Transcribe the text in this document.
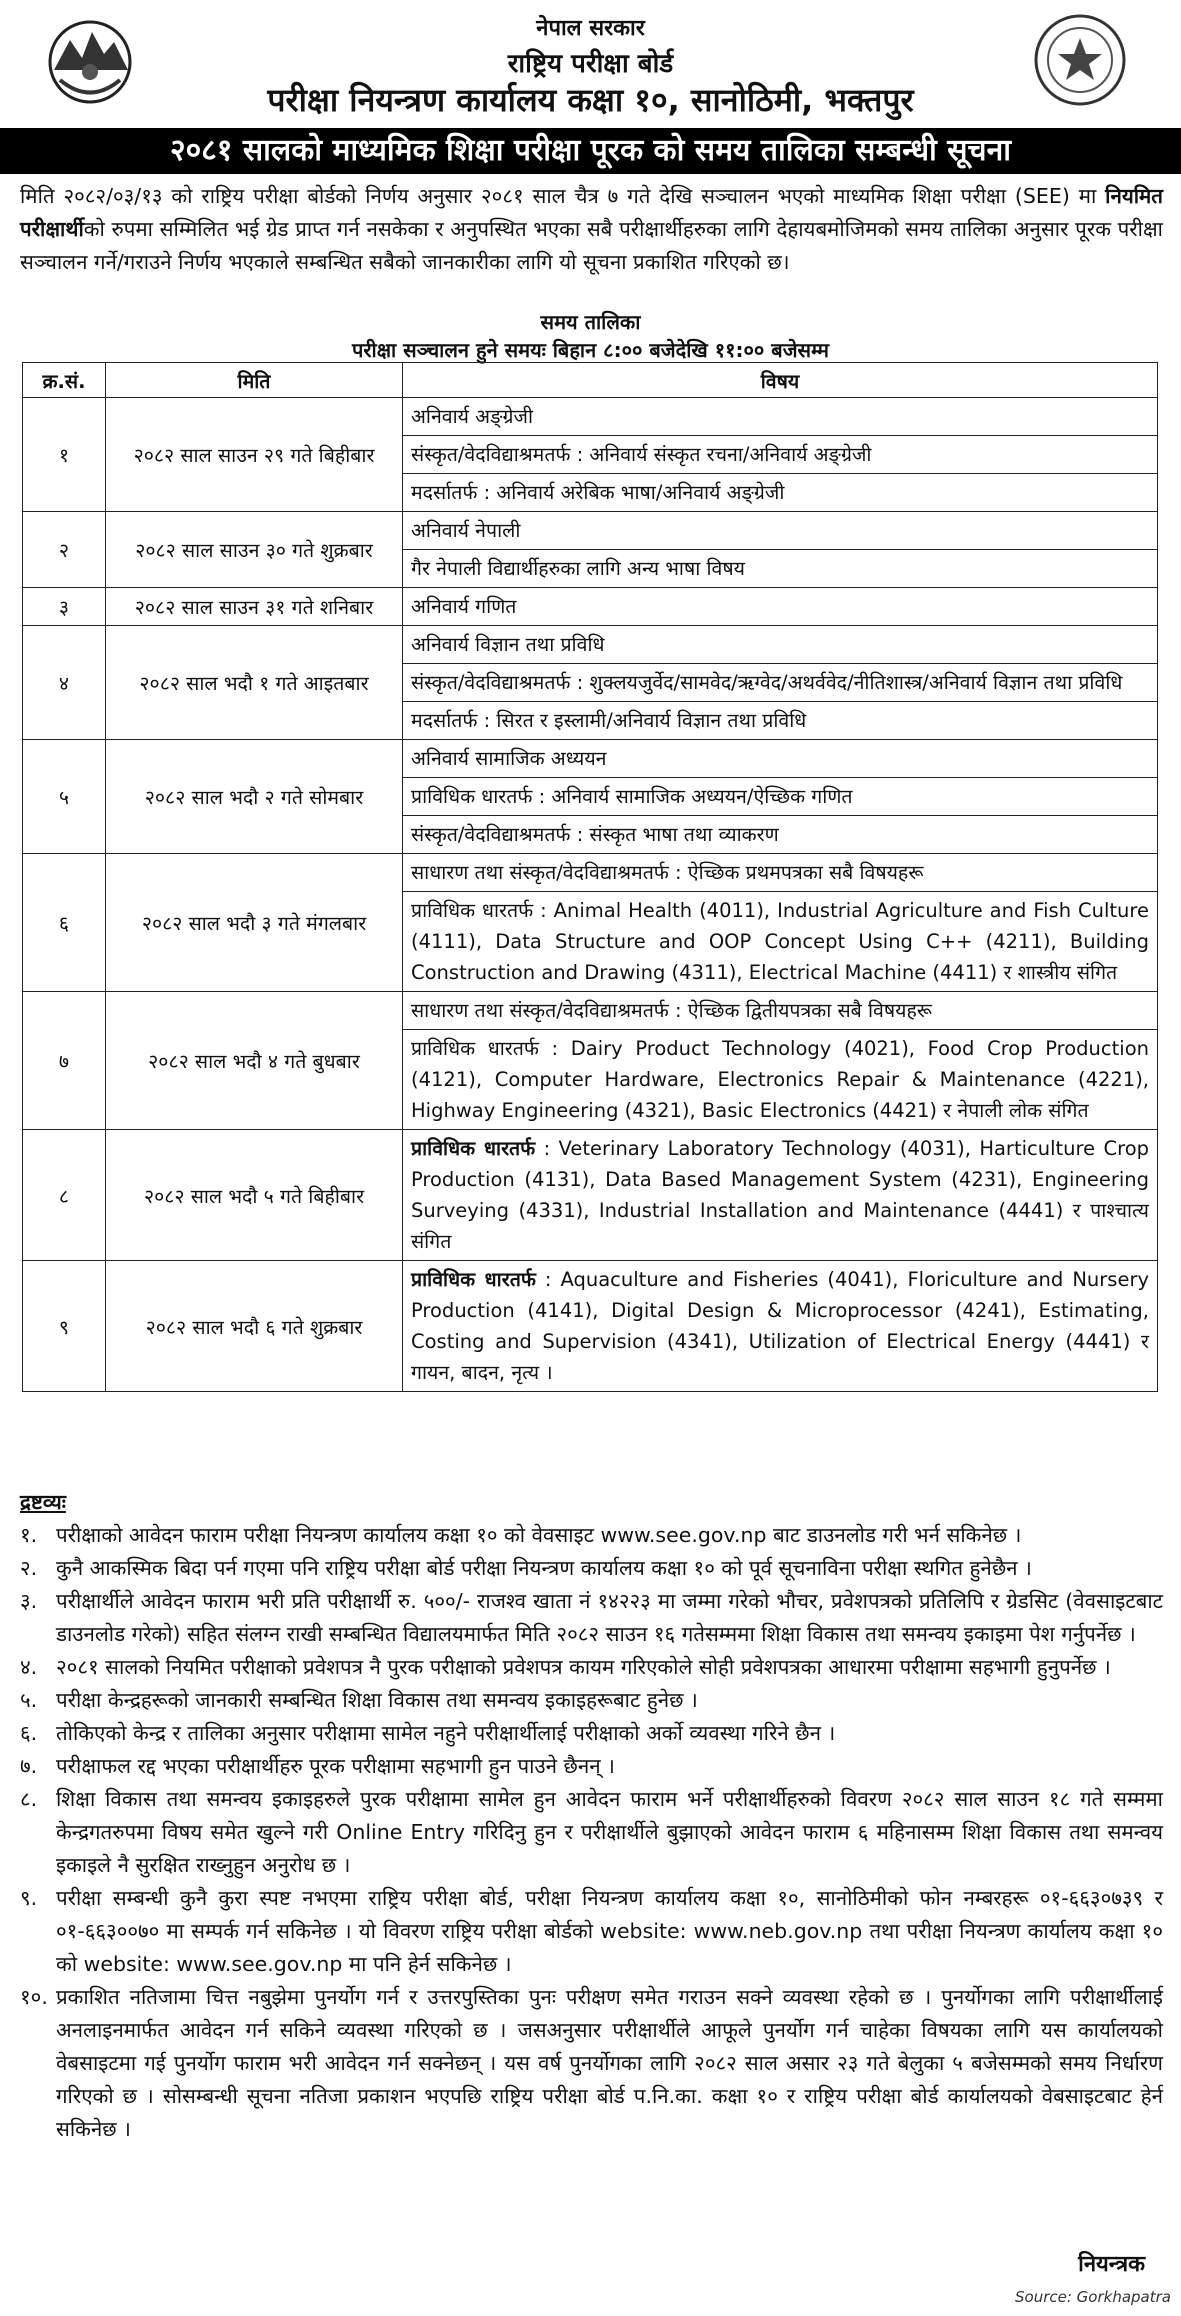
नेपाल सरकार
राष्ट्रिय परीक्षा बोर्ड
परीक्षा नियन्त्रण कार्यालय कक्षा १०, सानोठिमी, भक्तपुर
२०८१ सालको माध्यमिक शिक्षा परीक्षा पूरक को समय तालिका सम्बन्धी सूचना
मिति २०८२/०३/१३ को राष्ट्रिय परीक्षा बोर्डको निर्णय अनुसार २०८१ साल चैत्र ७ गते देखि सञ्चालन भएको माध्यमिक शिक्षा परीक्षा (SEE) मा नियमित परीक्षार्थीको रुपमा सम्मिलित भई ग्रेड प्राप्त गर्न नसकेका र अनुपस्थित भएका सबै परीक्षार्थीहरुका लागि देहायबमोजिमको समय तालिका अनुसार पूरक परीक्षा सञ्चालन गर्ने/गराउने निर्णय भएकाले सम्बन्धित सबैको जानकारीका लागि यो सूचना प्रकाशित गरिएको छ।
समय तालिका
परीक्षा सञ्चालन हुने समयः बिहान ८:०० बजेदेखि ११:०० बजेसम्म
क्र.सं.	मिति	विषय
१	२०८२ साल साउन २९ गते बिहीबार	अनिवार्य अङ्ग्रेजी
		संस्कृत/वेदविद्याश्रमतर्फ : अनिवार्य संस्कृत रचना/अनिवार्य अङ्ग्रेजी
		मदर्सातर्फ : अनिवार्य अरेबिक भाषा/अनिवार्य अङ्ग्रेजी
२	२०८२ साल साउन ३० गते शुक्रबार	अनिवार्य नेपाली
		गैर नेपाली विद्यार्थीहरुका लागि अन्य भाषा विषय
३	२०८२ साल साउन ३१ गते शनिबार	अनिवार्य गणित
४	२०८२ साल भदौ १ गते आइतबार	अनिवार्य विज्ञान तथा प्रविधि
		संस्कृत/वेदविद्याश्रमतर्फ : शुक्लयजुर्वेद/सामवेद/ऋग्वेद/अथर्ववेद/नीतिशास्त्र/अनिवार्य विज्ञान तथा प्रविधि
		मदर्सातर्फ : सिरत र इस्लामी/अनिवार्य विज्ञान तथा प्रविधि
५	२०८२ साल भदौ २ गते सोमबार	अनिवार्य सामाजिक अध्ययन
		प्राविधिक धारतर्फ : अनिवार्य सामाजिक अध्ययन/ऐच्छिक गणित
		संस्कृत/वेदविद्याश्रमतर्फ : संस्कृत भाषा तथा व्याकरण
६	२०८२ साल भदौ ३ गते मंगलबार	साधारण तथा संस्कृत/वेदविद्याश्रमतर्फ : ऐच्छिक प्रथमपत्रका सबै विषयहरू
		प्राविधिक धारतर्फ : Animal Health (4011), Industrial Agriculture and Fish Culture (4111), Data Structure and OOP Concept Using C++ (4211), Building Construction and Drawing (4311), Electrical Machine (4411) र शास्त्रीय संगित
७	२०८२ साल भदौ ४ गते बुधबार	साधारण तथा संस्कृत/वेदविद्याश्रमतर्फ : ऐच्छिक द्वितीयपत्रका सबै विषयहरू
		प्राविधिक धारतर्फ : Dairy Product Technology (4021), Food Crop Production (4121), Computer Hardware, Electronics Repair & Maintenance (4221), Highway Engineering (4321), Basic Electronics (4421) र नेपाली लोक संगित
८	२०८२ साल भदौ ५ गते बिहीबार	प्राविधिक धारतर्फ : Veterinary Laboratory Technology (4031), Harticulture Crop Production (4131), Data Based Management System (4231), Engineering Surveying (4331), Industrial Installation and Maintenance (4441) र पाश्चात्य संगित
९	२०८२ साल भदौ ६ गते शुक्रबार	प्राविधिक धारतर्फ : Aquaculture and Fisheries (4041), Floriculture and Nursery Production (4141), Digital Design & Microprocessor (4241), Estimating, Costing and Supervision (4341), Utilization of Electrical Energy (4441) र गायन, बादन, नृत्य ।
द्रष्टव्यः
१. परीक्षाको आवेदन फाराम परीक्षा नियन्त्रण कार्यालय कक्षा १० को वेवसाइट www.see.gov.np बाट डाउनलोड गरी भर्न सकिनेछ ।
२. कुनै आकस्मिक बिदा पर्न गएमा पनि राष्ट्रिय परीक्षा बोर्ड परीक्षा नियन्त्रण कार्यालय कक्षा १० को पूर्व सूचनाविना परीक्षा स्थगित हुनेछैन ।
३. परीक्षार्थीले आवेदन फाराम भरी प्रति परीक्षार्थी रु. ५००/- राजश्व खाता नं १४२२३ मा जम्मा गरेको भौचर, प्रवेशपत्रको प्रतिलिपि र ग्रेडसिट (वेवसाइटबाट डाउनलोड गरेको) सहित संलग्न राखी सम्बन्धित विद्यालयमार्फत मिति २०८२ साउन १६ गतेसम्ममा शिक्षा विकास तथा समन्वय इकाइमा पेश गर्नुपर्नेछ ।
४. २०८१ सालको नियमित परीक्षाको प्रवेशपत्र नै पुरक परीक्षाको प्रवेशपत्र कायम गरिएकोले सोही प्रवेशपत्रका आधारमा परीक्षामा सहभागी हुनुपर्नेछ ।
५. परीक्षा केन्द्रहरूको जानकारी सम्बन्धित शिक्षा विकास तथा समन्वय इकाइहरूबाट हुनेछ ।
६. तोकिएको केन्द्र र तालिका अनुसार परीक्षामा सामेल नहुने परीक्षार्थीलाई परीक्षाको अर्को व्यवस्था गरिने छैन ।
७. परीक्षाफल रद्द भएका परीक्षार्थीहरु पूरक परीक्षामा सहभागी हुन पाउने छैनन् ।
८. शिक्षा विकास तथा समन्वय इकाइहरुले पुरक परीक्षामा सामेल हुन आवेदन फाराम भर्ने परीक्षार्थीहरुको विवरण २०८२ साल साउन १८ गते सम्ममा केन्द्रगतरुपमा विषय समेत खुल्ने गरी Online Entry गरिदिनु हुन र परीक्षार्थीले बुझाएको आवेदन फाराम ६ महिनासम्म शिक्षा विकास तथा समन्वय इकाइले नै सुरक्षित राख्नुहुन अनुरोध छ ।
९. परीक्षा सम्बन्धी कुनै कुरा स्पष्ट नभएमा राष्ट्रिय परीक्षा बोर्ड, परीक्षा नियन्त्रण कार्यालय कक्षा १०, सानोठिमीको फोन नम्बरहरू ०१-६६३०७३९ र ०१-६६३००७० मा सम्पर्क गर्न सकिनेछ । यो विवरण राष्ट्रिय परीक्षा बोर्डको website: www.neb.gov.np तथा परीक्षा नियन्त्रण कार्यालय कक्षा १० को website: www.see.gov.np मा पनि हेर्न सकिनेछ ।
१०. प्रकाशित नतिजामा चित्त नबुझेमा पुनर्योग गर्न र उत्तरपुस्तिका पुनः परीक्षण समेत गराउन सक्ने व्यवस्था रहेको छ । पुनर्योगका लागि परीक्षार्थीलाई अनलाइनमार्फत आवेदन गर्न सकिने व्यवस्था गरिएको छ । जसअनुसार परीक्षार्थीले आफूले पुनर्योग गर्न चाहेका विषयका लागि यस कार्यालयको वेबसाइटमा गई पुनर्योग फाराम भरी आवेदन गर्न सक्नेछन् । यस वर्ष पुनर्योगका लागि २०८२ साल असार २३ गते बेलुका ५ बजेसम्मको समय निर्धारण गरिएको छ । सोसम्बन्धी सूचना नतिजा प्रकाशन भएपछि राष्ट्रिय परीक्षा बोर्ड प.नि.का. कक्षा १० र राष्ट्रिय परीक्षा बोर्ड कार्यालयको वेबसाइटबाट हेर्न सकिनेछ ।
नियन्त्रक
Source: Gorkhapatra
